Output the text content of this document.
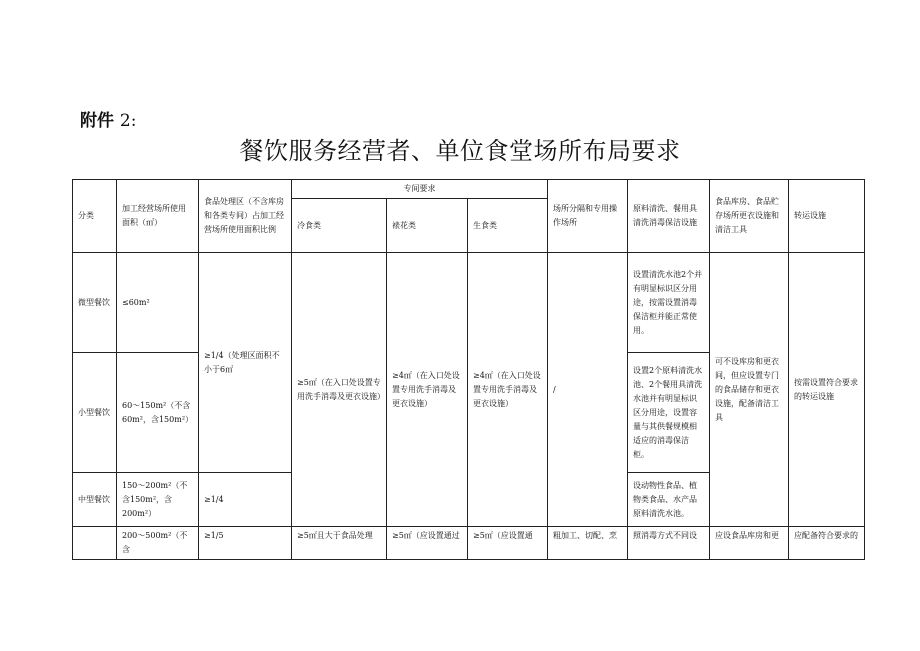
附件 2:
餐饮服务经营者、单位食堂场所布局要求
分类	加工经营场所使用面积（㎡）	食品处理区（不含库房和各类专间）占加工经营场所使用面积比例	专间要求			场所分隔和专用操作场所	原料清洗、餐用具清洗消毒保洁设施	食品库房、食品贮存场所更衣设施和清洁工具	转运设施
			冷食类	裱花类	生食类				
微型餐饮	≤60m²	≥1/4（处理区面积不小于6㎡	≥5㎡（在入口处设置专用洗手消毒及更衣设施）	≥4㎡（在入口处设置专用洗手消毒及更衣设施）	≥4㎡（在入口处设置专用洗手消毒及更衣设施）	/	设置清洗水池2个并有明显标识区分用途，按需设置消毒保洁柜并能正常使用。	可不设库房和更衣间，但应设置专门的食品储存和更衣设施，配备清洁工具	按需设置符合要求的转运设施
小型餐饮	60～150m²（不含60m²，含150m²）						设置2个原料清洗水池、2个餐用具清洗水池并有明显标识区分用途，设置容量与其供餐规模相适应的消毒保洁柜。		
中型餐饮	150～200m²（不含150m²，含200m²）	≥1/4					设动物性食品、植物类食品、水产品原料清洗水池。		
	200～500m²（不含	≥1/5	≥5㎡且大于食品处理	≥5㎡（应设置通过	≥5㎡（应设置通	粗加工、切配、烹	照消毒方式不同设	应设食品库房和更	应配备符合要求的
